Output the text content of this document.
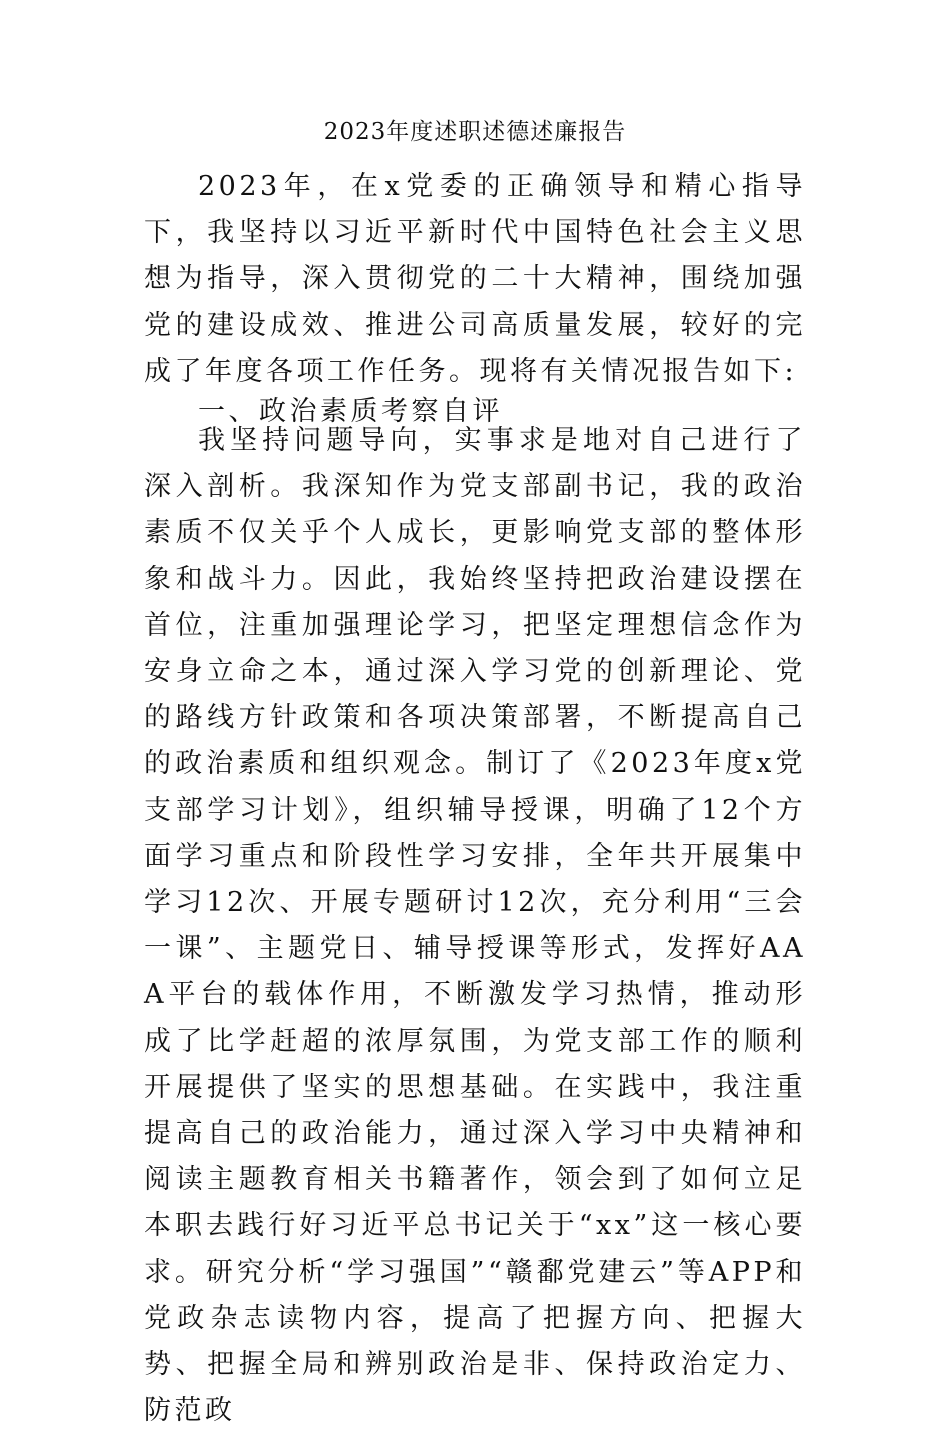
2023年度述职述德述廉报告

2023年，在x党委的正确领导和精心指导下，我坚持以习近平新时代中国特色社会主义思想为指导，深入贯彻党的二十大精神，围绕加强党的建设成效、推进公司高质量发展，较好的完成了年度各项工作任务。现将有关情况报告如下:

一、政治素质考察自评

我坚持问题导向，实事求是地对自己进行了深入剖析。我深知作为党支部副书记，我的政治素质不仅关乎个人成长，更影响党支部的整体形象和战斗力。因此，我始终坚持把政治建设摆在首位，注重加强理论学习，把坚定理想信念作为安身立命之本，通过深入学习党的创新理论、党的路线方针政策和各项决策部署，不断提高自己的政治素质和组织观念。制订了《2023年度x党支部学习计划》，组织辅导授课，明确了12个方面学习重点和阶段性学习安排，全年共开展集中学习12次、开展专题研讨12次，充分利用“三会一课”、主题党日、辅导授课等形式，发挥好AAA平台的载体作用，不断激发学习热情，推动形成了比学赶超的浓厚氛围，为党支部工作的顺利开展提供了坚实的思想基础。在实践中，我注重提高自己的政治能力，通过深入学习中央精神和阅读主题教育相关书籍著作，领会到了如何立足本职去践行好习近平总书记关于“xx”这一核心要求。研究分析“学习强国”“赣鄱党建云”等APP和党政杂志读物内容，提高了把握方向、把握大势、把握全局和辨别政治是非、保持政治定力、防范政
